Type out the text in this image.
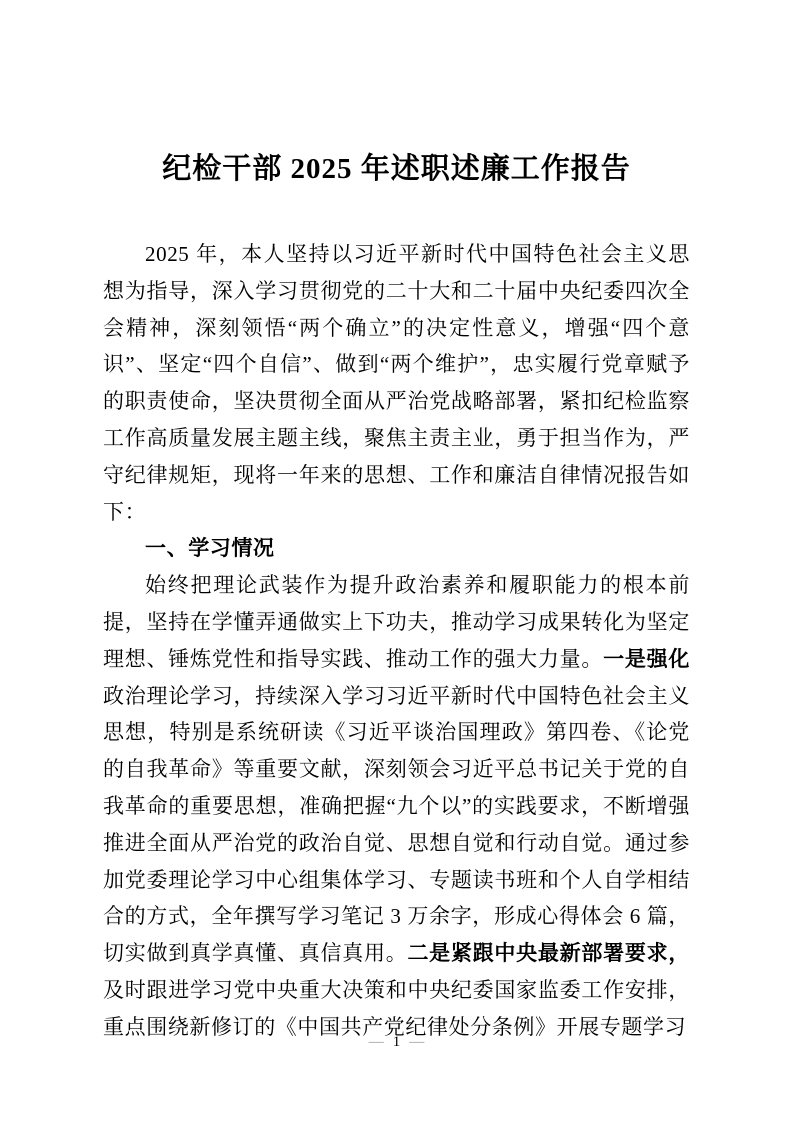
纪检干部 2025 年述职述廉工作报告

2025 年，本人坚持以习近平新时代中国特色社会主义思想为指导，深入学习贯彻党的二十大和二十届中央纪委四次全会精神，深刻领悟“两个确立”的决定性意义，增强“四个意识”、坚定“四个自信”、做到“两个维护”，忠实履行党章赋予的职责使命，坚决贯彻全面从严治党战略部署，紧扣纪检监察工作高质量发展主题主线，聚焦主责主业，勇于担当作为，严守纪律规矩，现将一年来的思想、工作和廉洁自律情况报告如下：

一、学习情况

始终把理论武装作为提升政治素养和履职能力的根本前提，坚持在学懂弄通做实上下功夫，推动学习成果转化为坚定理想、锤炼党性和指导实践、推动工作的强大力量。一是强化政治理论学习，持续深入学习习近平新时代中国特色社会主义思想，特别是系统研读《习近平谈治国理政》第四卷、《论党的自我革命》等重要文献，深刻领会习近平总书记关于党的自我革命的重要思想，准确把握“九个以”的实践要求，不断增强推进全面从严治党的政治自觉、思想自觉和行动自觉。通过参加党委理论学习中心组集体学习、专题读书班和个人自学相结合的方式，全年撰写学习笔记 3 万余字，形成心得体会 6 篇，切实做到真学真懂、真信真用。二是紧跟中央最新部署要求，及时跟进学习党中央重大决策和中央纪委国家监委工作安排，重点围绕新修订的《中国共产党纪律处分条例》开展专题学习

— 1 —
